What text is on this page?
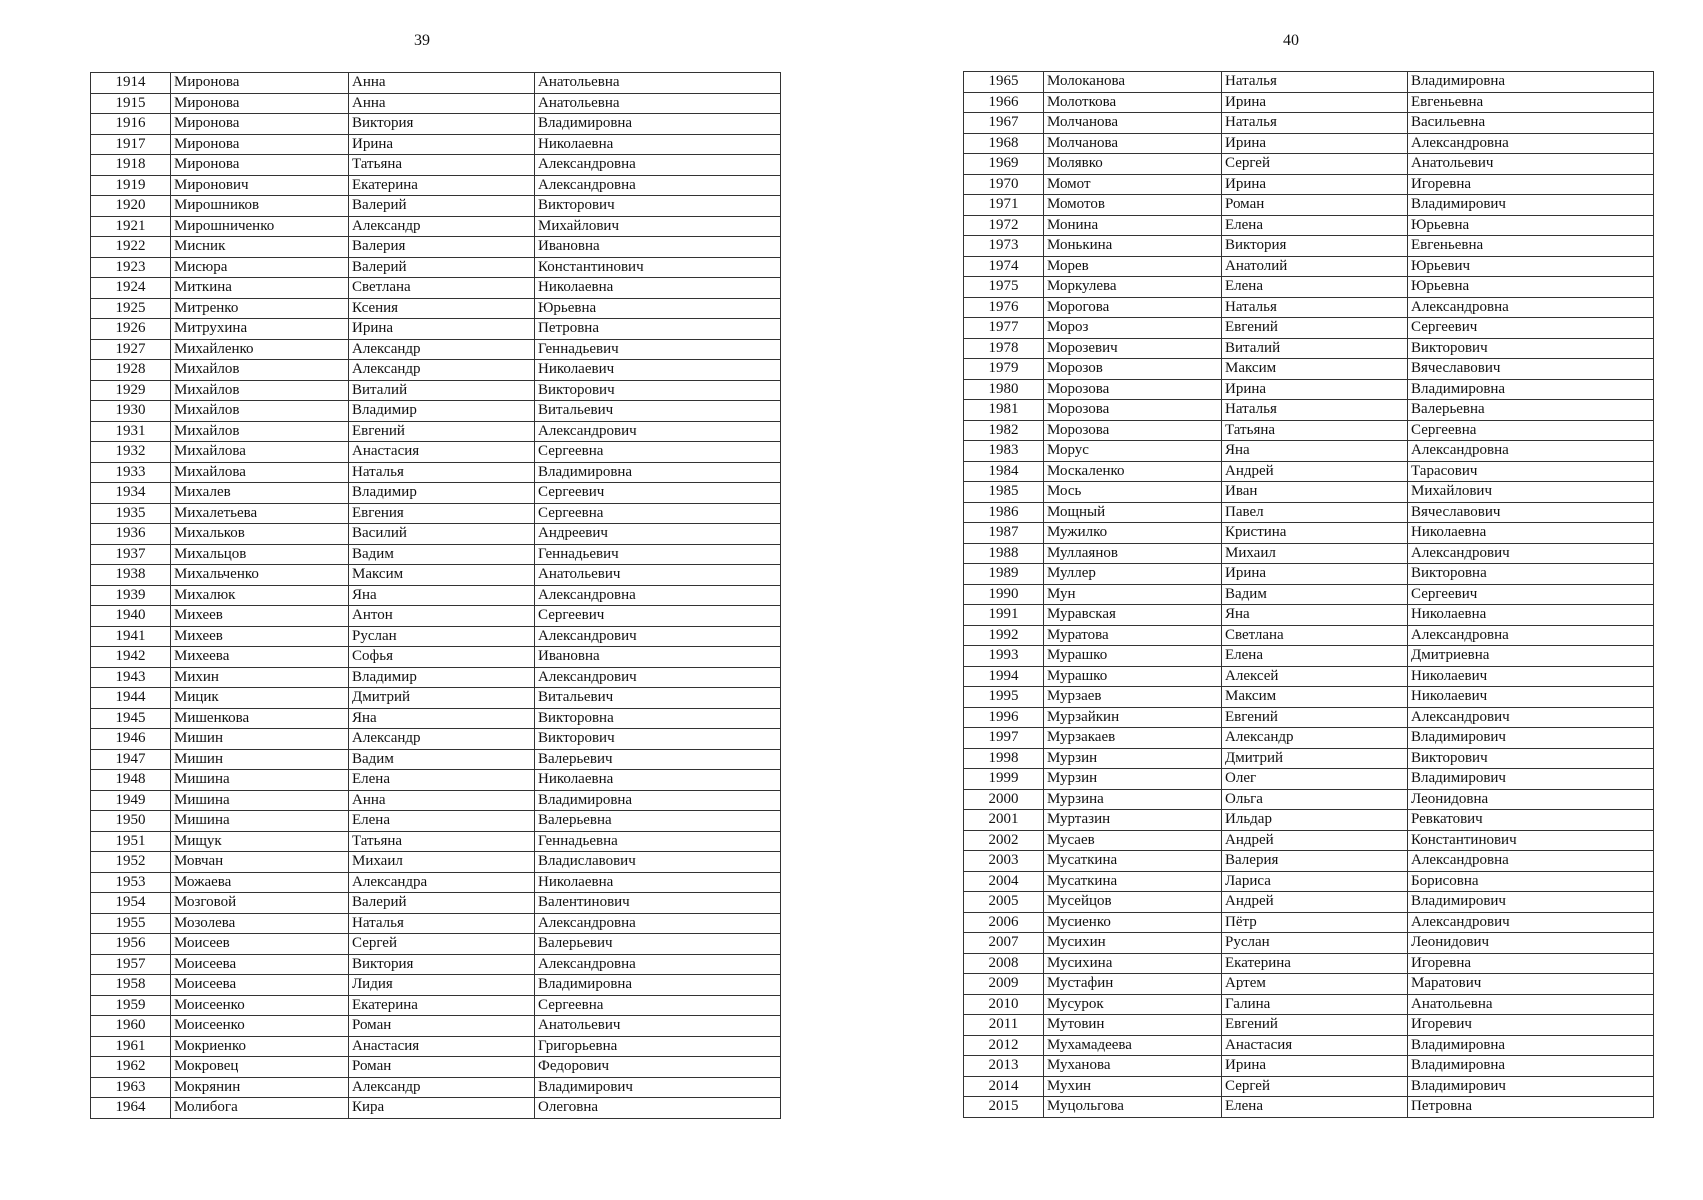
39
1914	Миронова	Анна	Анатольевна
1915	Миронова	Анна	Анатольевна
1916	Миронова	Виктория	Владимировна
1917	Миронова	Ирина	Николаевна
1918	Миронова	Татьяна	Александровна
1919	Миронович	Екатерина	Александровна
1920	Мирошников	Валерий	Викторович
1921	Мирошниченко	Александр	Михайлович
1922	Мисник	Валерия	Ивановна
1923	Мисюра	Валерий	Константинович
1924	Миткина	Светлана	Николаевна
1925	Митренко	Ксения	Юрьевна
1926	Митрухина	Ирина	Петровна
1927	Михайленко	Александр	Геннадьевич
1928	Михайлов	Александр	Николаевич
1929	Михайлов	Виталий	Викторович
1930	Михайлов	Владимир	Витальевич
1931	Михайлов	Евгений	Александрович
1932	Михайлова	Анастасия	Сергеевна
1933	Михайлова	Наталья	Владимировна
1934	Михалев	Владимир	Сергеевич
1935	Михалетьева	Евгения	Сергеевна
1936	Михальков	Василий	Андреевич
1937	Михальцов	Вадим	Геннадьевич
1938	Михальченко	Максим	Анатольевич
1939	Михалюк	Яна	Александровна
1940	Михеев	Антон	Сергеевич
1941	Михеев	Руслан	Александрович
1942	Михеева	Софья	Ивановна
1943	Михин	Владимир	Александрович
1944	Мицик	Дмитрий	Витальевич
1945	Мишенкова	Яна	Викторовна
1946	Мишин	Александр	Викторович
1947	Мишин	Вадим	Валерьевич
1948	Мишина	Елена	Николаевна
1949	Мишина	Анна	Владимировна
1950	Мишина	Елена	Валерьевна
1951	Мищук	Татьяна	Геннадьевна
1952	Мовчан	Михаил	Владиславович
1953	Можаева	Александра	Николаевна
1954	Мозговой	Валерий	Валентинович
1955	Мозолева	Наталья	Александровна
1956	Моисеев	Сергей	Валерьевич
1957	Моисеева	Виктория	Александровна
1958	Моисеева	Лидия	Владимировна
1959	Моисеенко	Екатерина	Сергеевна
1960	Моисеенко	Роман	Анатольевич
1961	Мокриенко	Анастасия	Григорьевна
1962	Мокровец	Роман	Федорович
1963	Мокрянин	Александр	Владимирович
1964	Молибога	Кира	Олеговна
40
1965	Молоканова	Наталья	Владимировна
1966	Молоткова	Ирина	Евгеньевна
1967	Молчанова	Наталья	Васильевна
1968	Молчанова	Ирина	Александровна
1969	Молявко	Сергей	Анатольевич
1970	Момот	Ирина	Игоревна
1971	Момотов	Роман	Владимирович
1972	Монина	Елена	Юрьевна
1973	Монькина	Виктория	Евгеньевна
1974	Морев	Анатолий	Юрьевич
1975	Моркулева	Елена	Юрьевна
1976	Морогова	Наталья	Александровна
1977	Мороз	Евгений	Сергеевич
1978	Морозевич	Виталий	Викторович
1979	Морозов	Максим	Вячеславович
1980	Морозова	Ирина	Владимировна
1981	Морозова	Наталья	Валерьевна
1982	Морозова	Татьяна	Сергеевна
1983	Морус	Яна	Александровна
1984	Москаленко	Андрей	Тарасович
1985	Мось	Иван	Михайлович
1986	Мощный	Павел	Вячеславович
1987	Мужилко	Кристина	Николаевна
1988	Муллаянов	Михаил	Александрович
1989	Муллер	Ирина	Викторовна
1990	Мун	Вадим	Сергеевич
1991	Муравская	Яна	Николаевна
1992	Муратова	Светлана	Александровна
1993	Мурашко	Елена	Дмитриевна
1994	Мурашко	Алексей	Николаевич
1995	Мурзаев	Максим	Николаевич
1996	Мурзайкин	Евгений	Александрович
1997	Мурзакаев	Александр	Владимирович
1998	Мурзин	Дмитрий	Викторович
1999	Мурзин	Олег	Владимирович
2000	Мурзина	Ольга	Леонидовна
2001	Муртазин	Ильдар	Ревкатович
2002	Мусаев	Андрей	Константинович
2003	Мусаткина	Валерия	Александровна
2004	Мусаткина	Лариса	Борисовна
2005	Мусейцов	Андрей	Владимирович
2006	Мусиенко	Пётр	Александрович
2007	Мусихин	Руслан	Леонидович
2008	Мусихина	Екатерина	Игоревна
2009	Мустафин	Артем	Маратович
2010	Мусурок	Галина	Анатольевна
2011	Мутовин	Евгений	Игоревич
2012	Мухамадеева	Анастасия	Владимировна
2013	Муханова	Ирина	Владимировна
2014	Мухин	Сергей	Владимирович
2015	Муцольгова	Елена	Петровна
